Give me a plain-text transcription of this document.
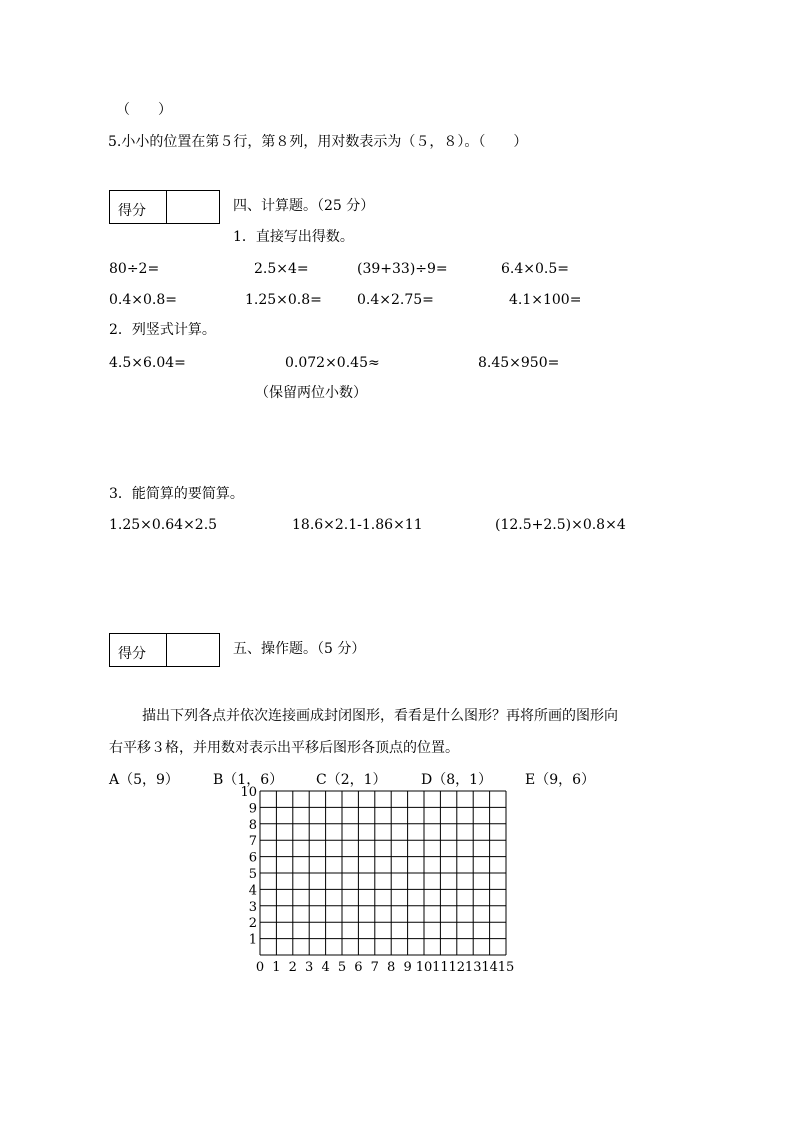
（　　）
5.小小的位置在第５行，第８列，用对数表示为（５，８）。（　　）
得分	四、计算题。（25 分）
1．直接写出得数。
80÷2=	2.5×4=	(39+33)÷9=	6.4×0.5=
0.4×0.8=	1.25×0.8=	0.4×2.75=	4.1×100=
2．列竖式计算。
4.5×6.04=	0.072×0.45≈	8.45×950=
（保留两位小数）
3．能简算的要简算。
1.25×0.64×2.5	18.6×2.1-1.86×11	(12.5+2.5)×0.8×4
得分	五、操作题。（5 分）
描出下列各点并依次连接画成封闭图形，看看是什么图形？再将所画的图形向
右平移３格，并用数对表示出平移后图形各顶点的位置。
A（5，9） B（1，6） C（2，1） D（8，1） E（9，6）
0 1 2 3 4 5 6 7 8 9 10 11 12 13 14 15
1
2
3
4
5
6
7
8
9
10
